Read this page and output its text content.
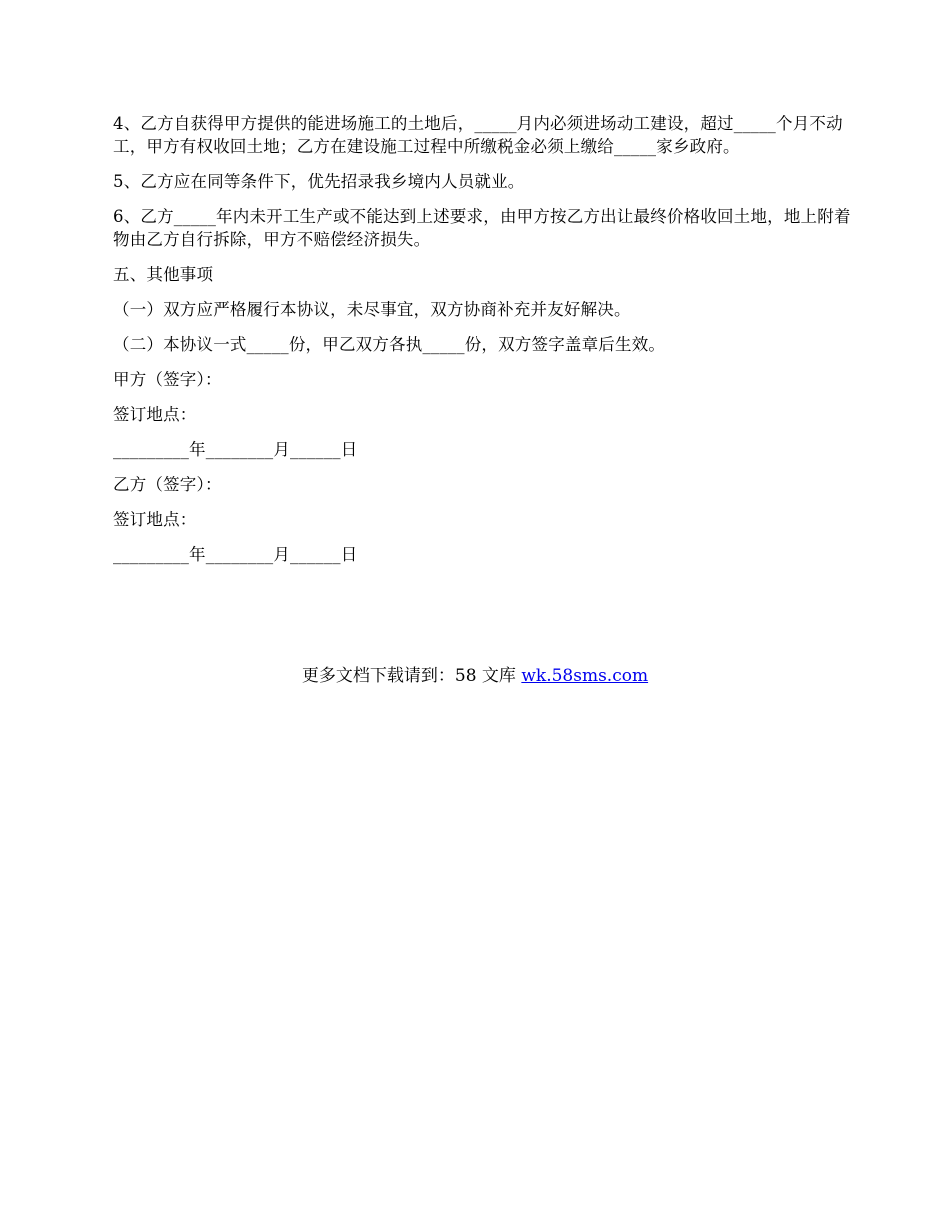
4、乙方自获得甲方提供的能进场施工的土地后，_____月内必须进场动工建设，超过_____个月不动工，甲方有权收回土地；乙方在建设施工过程中所缴税金必须上缴给_____家乡政府。

5、乙方应在同等条件下，优先招录我乡境内人员就业。

6、乙方_____年内未开工生产或不能达到上述要求，由甲方按乙方出让最终价格收回土地，地上附着物由乙方自行拆除，甲方不赔偿经济损失。

五、其他事项

（一）双方应严格履行本协议，未尽事宜，双方协商补充并友好解决。

（二）本协议一式_____份，甲乙双方各执_____份，双方签字盖章后生效。

甲方（签字）：

签订地点：

_________年________月______日

乙方（签字）：

签订地点：

_________年________月______日

更多文档下载请到：58 文库 wk.58sms.com
